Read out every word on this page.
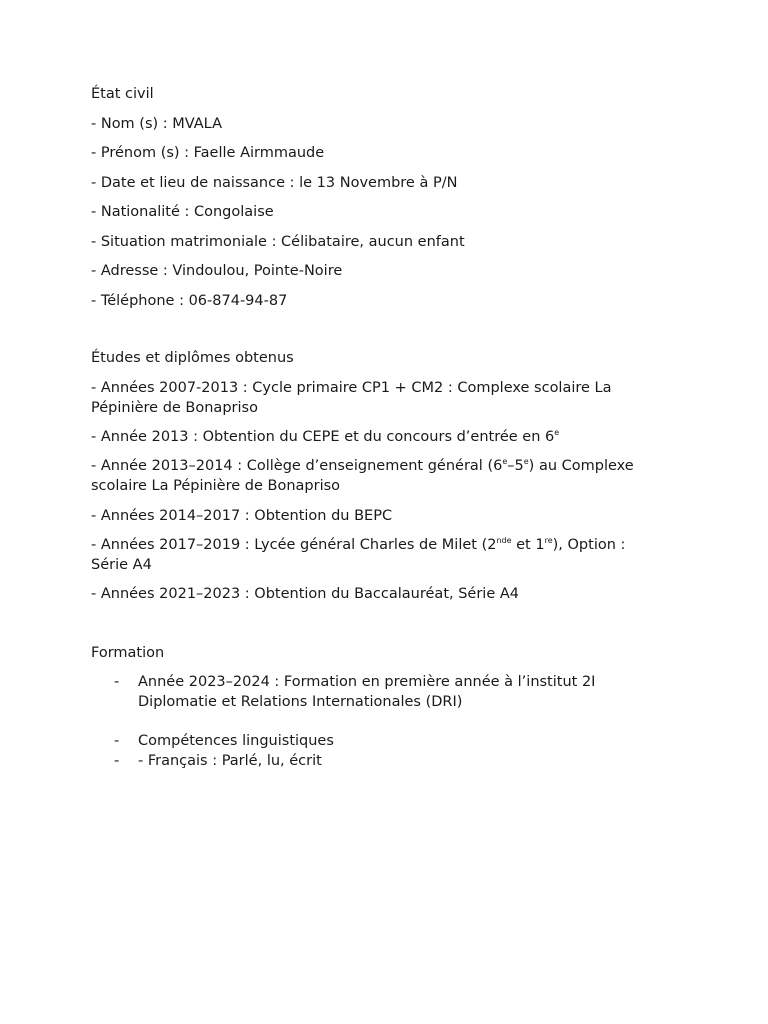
État civil
- Nom (s) : MVALA
- Prénom (s) : Faelle Airmmaude
- Date et lieu de naissance : le 13 Novembre à P/N
- Nationalité : Congolaise
- Situation matrimoniale : Célibataire, aucun enfant
- Adresse : Vindoulou, Pointe-Noire
- Téléphone : 06-874-94-87
Études et diplômes obtenus
- Années 2007-2013 : Cycle primaire CP1 + CM2 : Complexe scolaire La
Pépinière de Bonapriso
- Année 2013 : Obtention du CEPE et du concours d’entrée en 6e
- Année 2013–2014 : Collège d’enseignement général (6e–5e) au Complexe
scolaire La Pépinière de Bonapriso
- Années 2014–2017 : Obtention du BEPC
- Années 2017–2019 : Lycée général Charles de Milet (2nde et 1re), Option :
Série A4
- Années 2021–2023 : Obtention du Baccalauréat, Série A4
Formation
-	Année 2023–2024 : Formation en première année à l’institut 2I
Diplomatie et Relations Internationales (DRI)
-	Compétences linguistiques
-	- Français : Parlé, lu, écrit
